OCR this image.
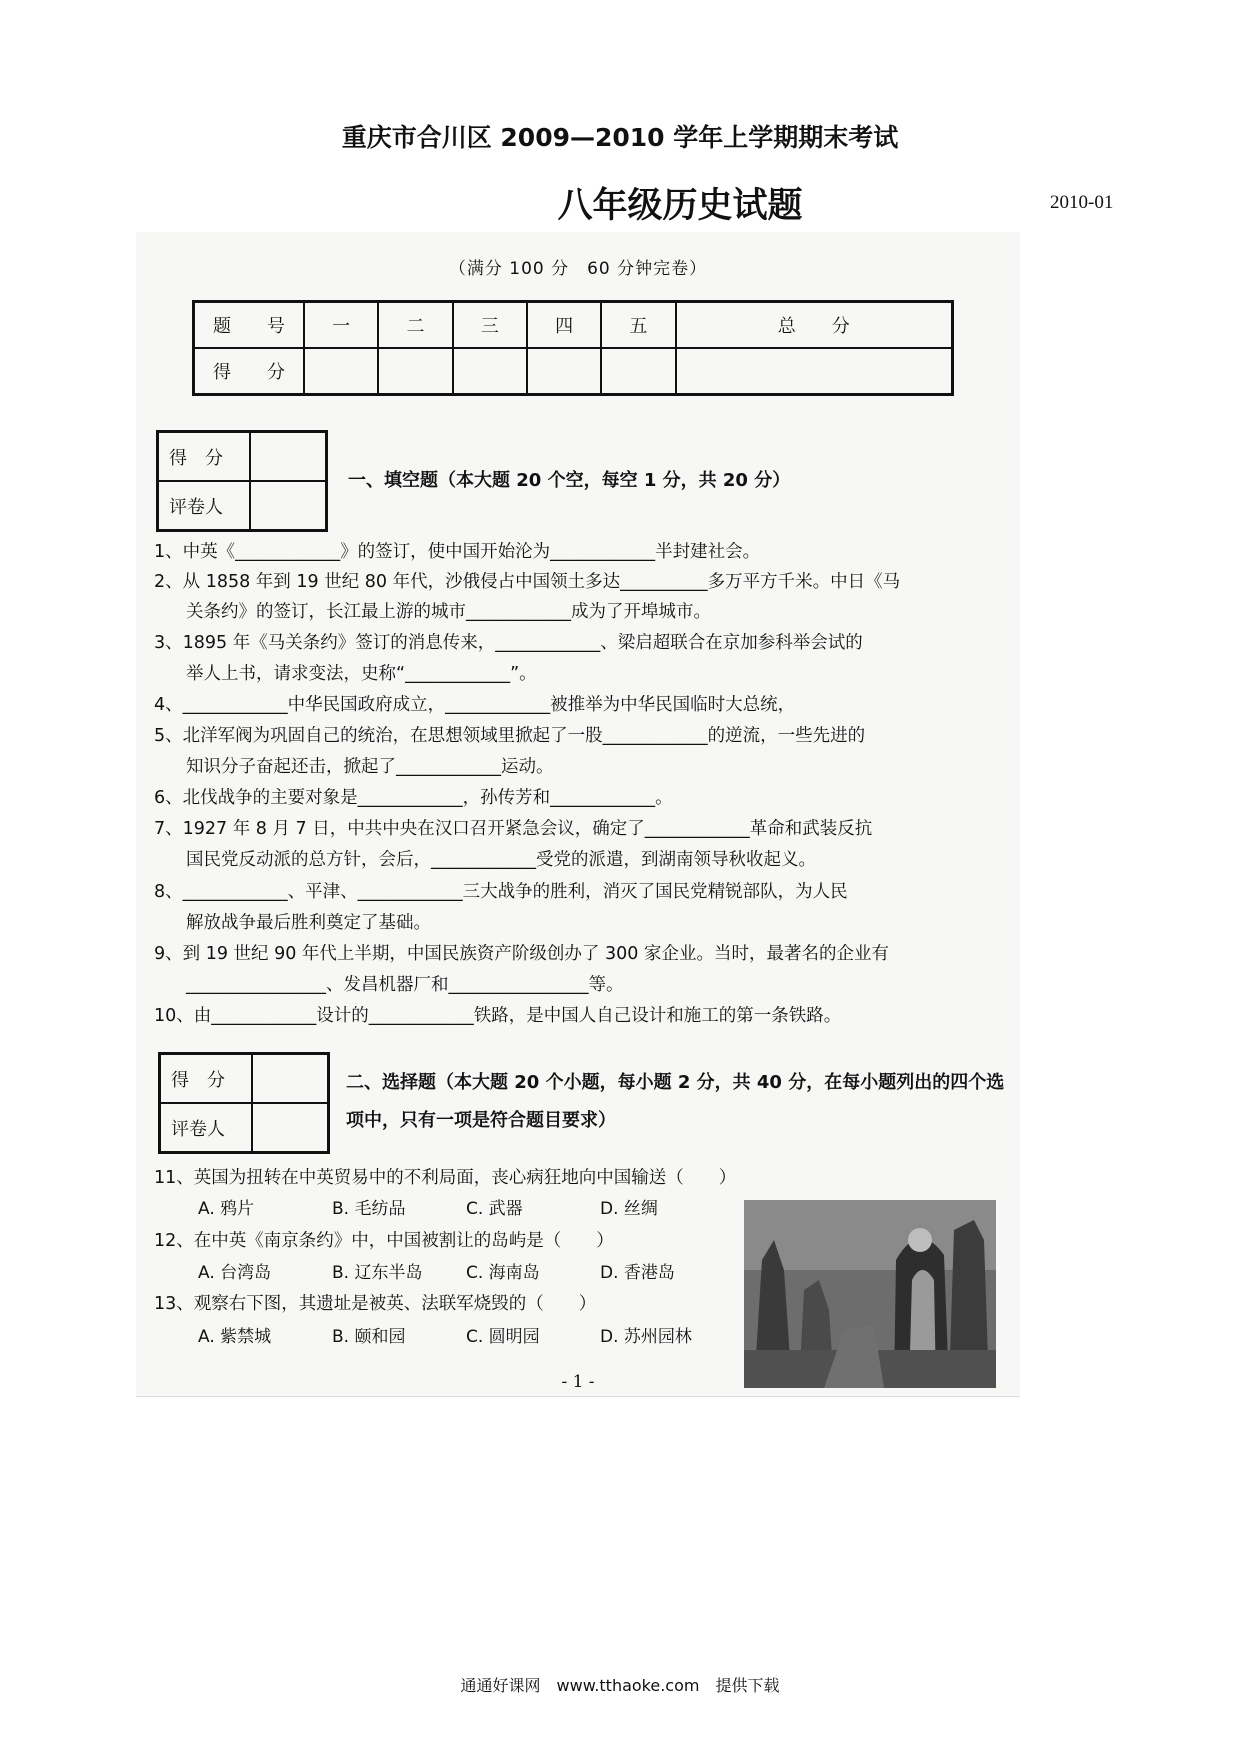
重庆市合川区 2009—2010 学年上学期期末考试
八年级历史试题	2010-01
（满分 100 分　60 分钟完卷）
题　　号	一	二	三	四	五	总　　分
得　　分						
得　分	
评卷人	
一、填空题（本大题 20 个空，每空 1 分，共 20 分）
1、中英《____________》的签订，使中国开始沦为____________半封建社会。
2、从 1858 年到 19 世纪 80 年代，沙俄侵占中国领土多达__________多万平方千米。中日《马
关条约》的签订，长江最上游的城市____________成为了开埠城市。
3、1895 年《马关条约》签订的消息传来，____________、梁启超联合在京加参科举会试的
举人上书，请求变法，史称“____________”。
4、____________中华民国政府成立，____________被推举为中华民国临时大总统，
5、北洋军阀为巩固自己的统治，在思想领域里掀起了一股____________的逆流，一些先进的
知识分子奋起还击，掀起了____________运动。
6、北伐战争的主要对象是____________，孙传芳和____________。
7、1927 年 8 月 7 日，中共中央在汉口召开紧急会议，确定了____________革命和武装反抗
国民党反动派的总方针，会后，____________受党的派遣，到湖南领导秋收起义。
8、____________、平津、____________三大战争的胜利，消灭了国民党精锐部队，为人民
解放战争最后胜利奠定了基础。
9、到 19 世纪 90 年代上半期，中国民族资产阶级创办了 300 家企业。当时，最著名的企业有
________________、发昌机器厂和________________等。
10、由____________设计的____________铁路，是中国人自己设计和施工的第一条铁路。
得　分	
评卷人	
二、选择题（本大题 20 个小题，每小题 2 分，共 40 分，在每小题列出的四个选项中，只有一项是符合题目要求）
11、英国为扭转在中英贸易中的不利局面，丧心病狂地向中国输送（　　）
A. 鸦片	B. 毛纺品	C. 武器	D. 丝绸
12、在中英《南京条约》中，中国被割让的岛屿是（　　）
A. 台湾岛	B. 辽东半岛	C. 海南岛	D. 香港岛
13、观察右下图，其遗址是被英、法联军烧毁的（　　）
A. 紫禁城	B. 颐和园	C. 圆明园	D. 苏州园林
- 1 -
通通好课网　www.tthaoke.com　提供下载
